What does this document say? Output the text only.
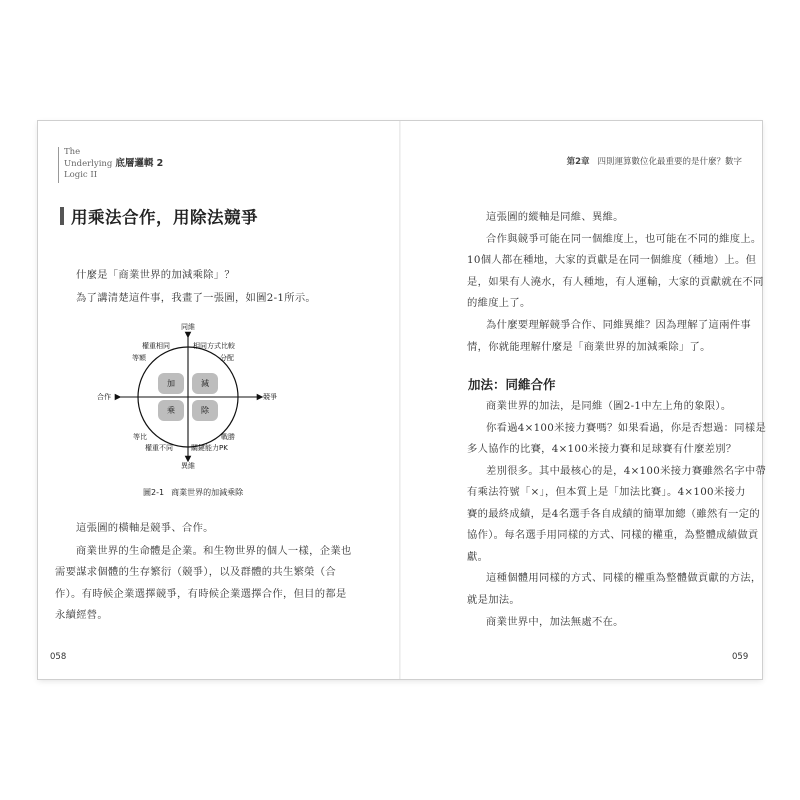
The
Underlying 底層邏輯 2
Logic II
用乘法合作，用除法競爭
什麼是「商業世界的加減乘除」？
為了講清楚這件事，我畫了一張圖，如圖2-1所示。
同維
異維
合作	競爭
權重相同
等額
相同方式比較
分配
等比
權重不同
戰勝
關鍵能力PK
加	減
乘	除
圖2-1 商業世界的加減乘除
這張圖的橫軸是競爭、合作。
商業世界的生命體是企業。和生物世界的個人一樣，企業也
需要謀求個體的生存繁衍（競爭），以及群體的共生繁榮（合
作）。有時候企業選擇競爭，有時候企業選擇合作，但目的都是
永續經營。
058
第2章 四則運算數位化最重要的是什麼？數字
這張圖的縱軸是同維、異維。
合作與競爭可能在同一個維度上，也可能在不同的維度上。
10個人都在種地，大家的貢獻是在同一個維度（種地）上。但
是，如果有人澆水，有人種地，有人運輸，大家的貢獻就在不同
的維度上了。
為什麼要理解競爭合作、同維異維？因為理解了這兩件事
情，你就能理解什麼是「商業世界的加減乘除」了。
加法：同維合作
商業世界的加法，是同維（圖2-1中左上角的象限）。
你看過4×100米接力賽嗎？如果看過，你是否想過：同樣是
多人協作的比賽，4×100米接力賽和足球賽有什麼差別？
差別很多。其中最核心的是，4×100米接力賽雖然名字中帶
有乘法符號「×」，但本質上是「加法比賽」。4×100米接力
賽的最終成績，是4名選手各自成績的簡單加總（雖然有一定的
協作）。每名選手用同樣的方式、同樣的權重，為整體成績做貢
獻。
這種個體用同樣的方式、同樣的權重為整體做貢獻的方法，
就是加法。
商業世界中，加法無處不在。
059
